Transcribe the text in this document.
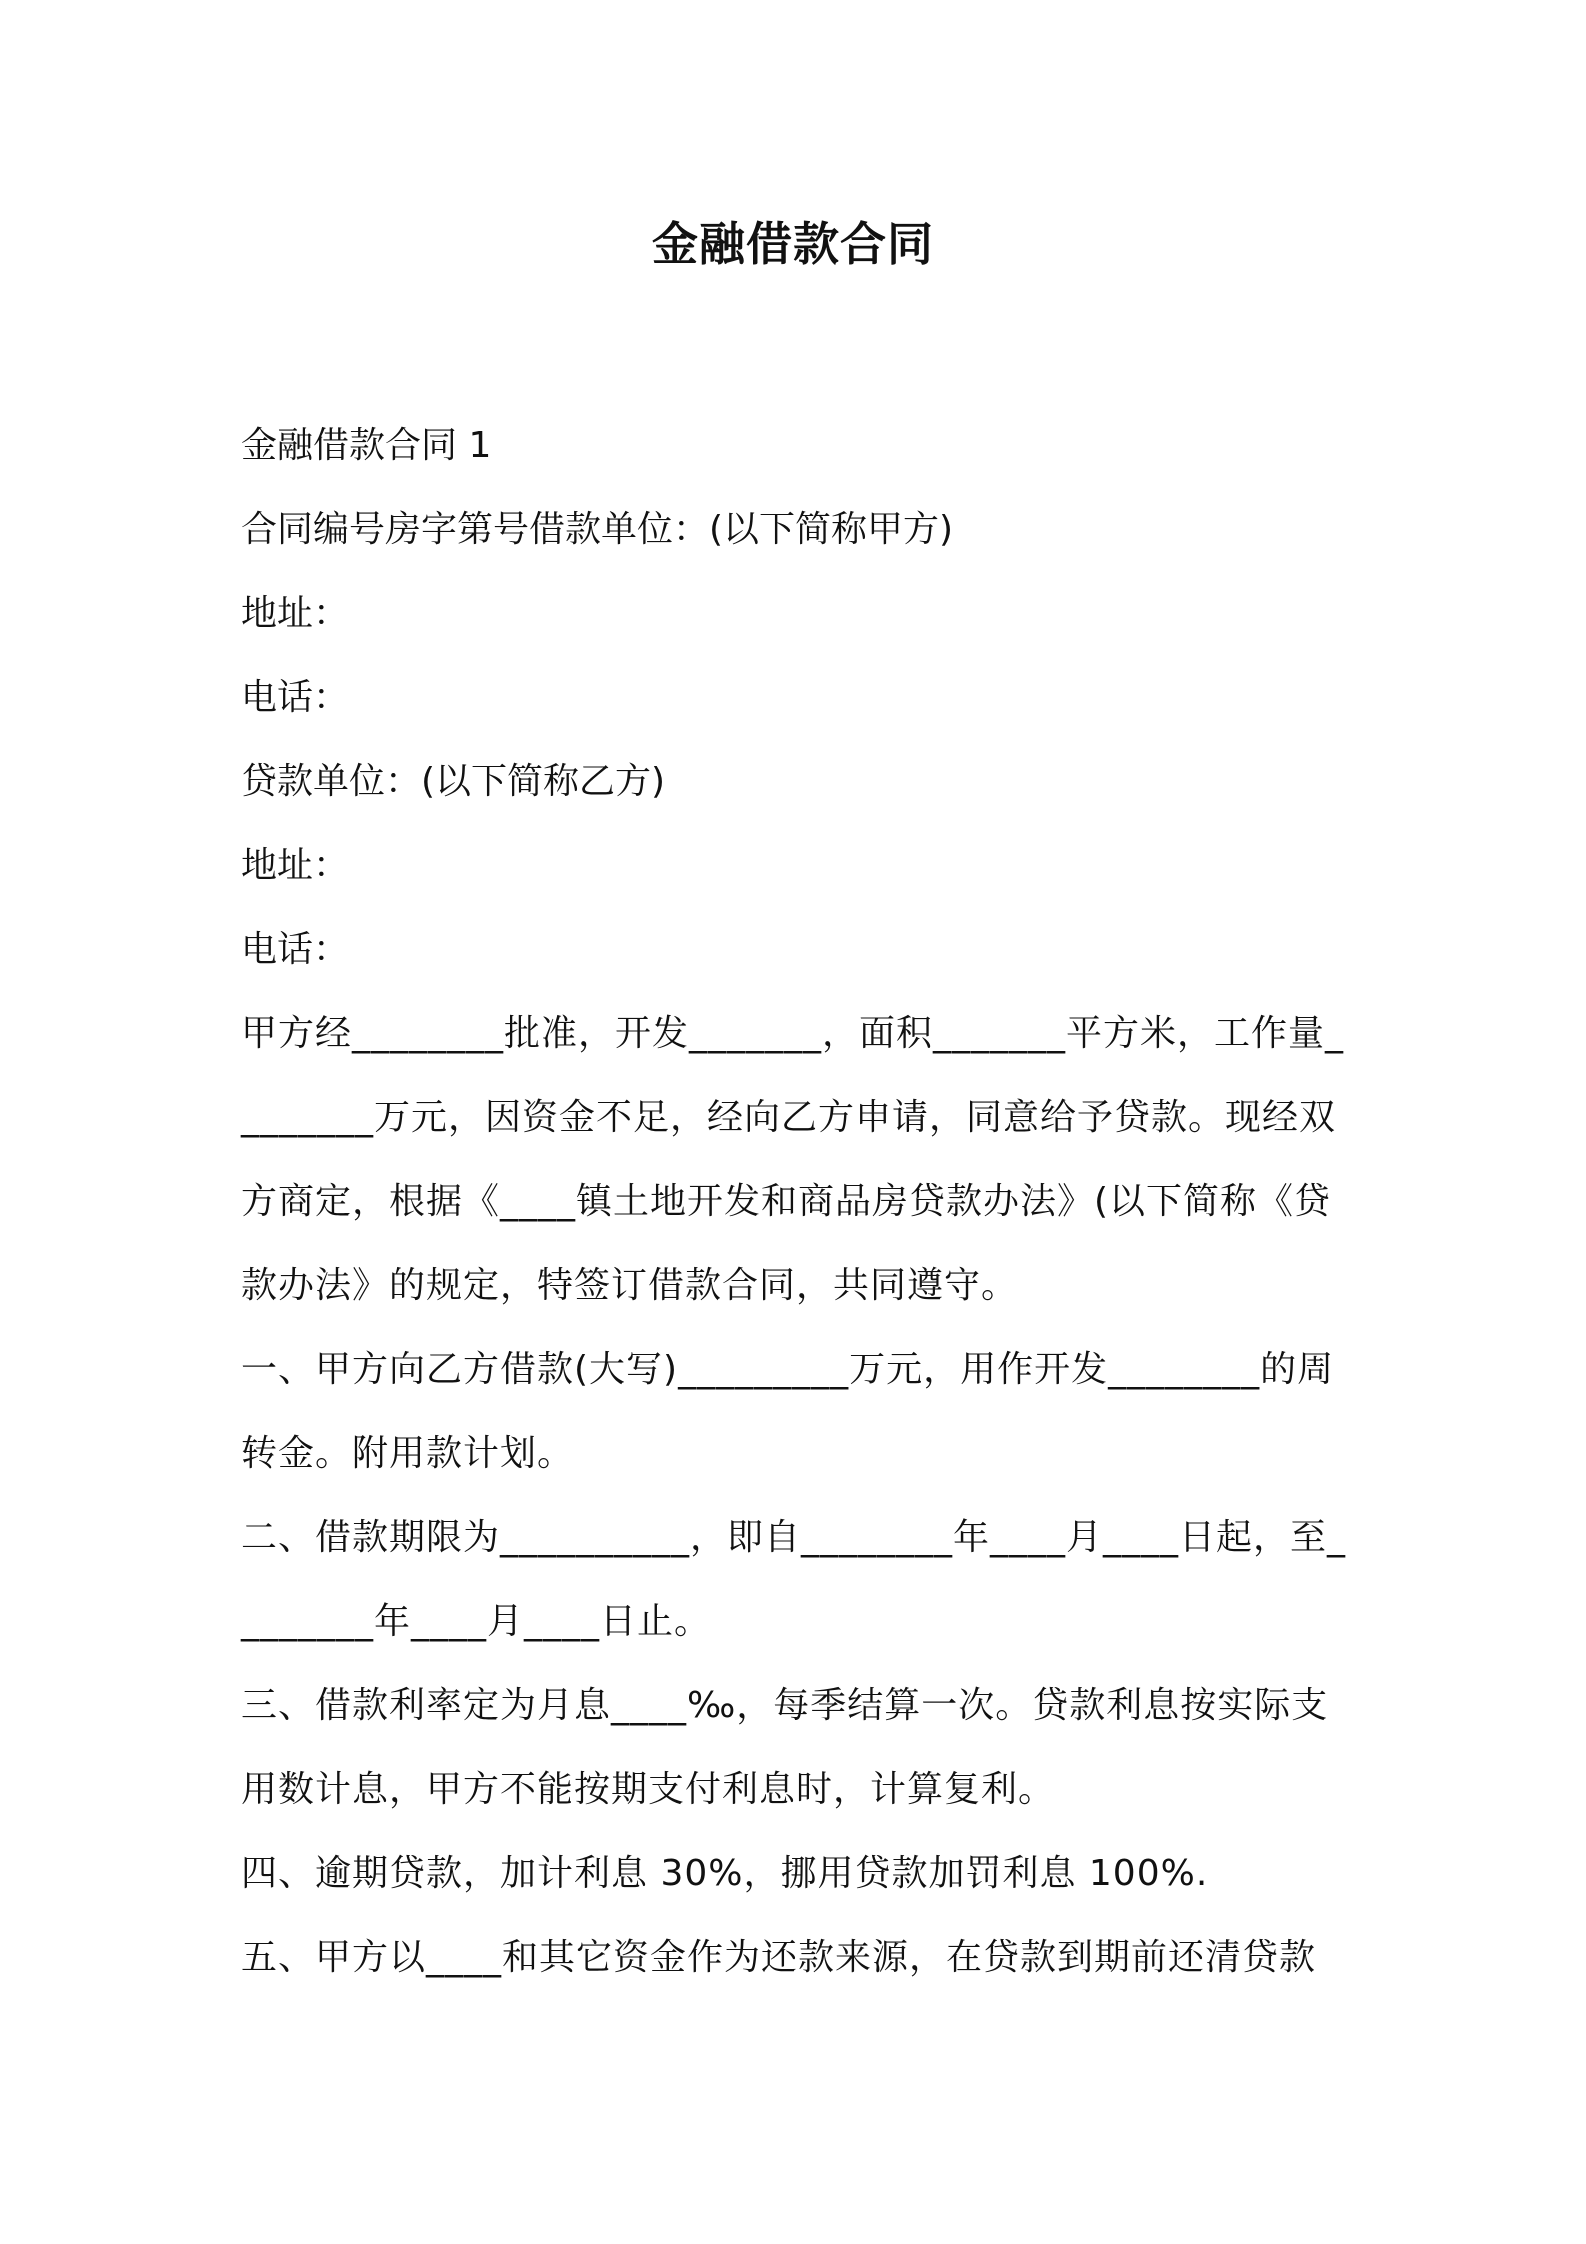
金融借款合同

金融借款合同 1

合同编号房字第号借款单位：(以下简称甲方)

地址：

电话：

贷款单位：(以下简称乙方)

地址：

电话：

甲方经________批准，开发_______，面积_______平方米，工作量________万元，因资金不足，经向乙方申请，同意给予贷款。现经双方商定，根据《____镇土地开发和商品房贷款办法》(以下简称《贷款办法》的规定，特签订借款合同，共同遵守。

一、甲方向乙方借款(大写)_________万元，用作开发________的周转金。附用款计划。

二、借款期限为__________，即自________年____月____日起，至________年____月____日止。

三、借款利率定为月息____‰，每季结算一次。贷款利息按实际支用数计息，甲方不能按期支付利息时，计算复利。

四、逾期贷款，加计利息 30%，挪用贷款加罚利息 100%.

五、甲方以____和其它资金作为还款来源，在贷款到期前还清贷款
